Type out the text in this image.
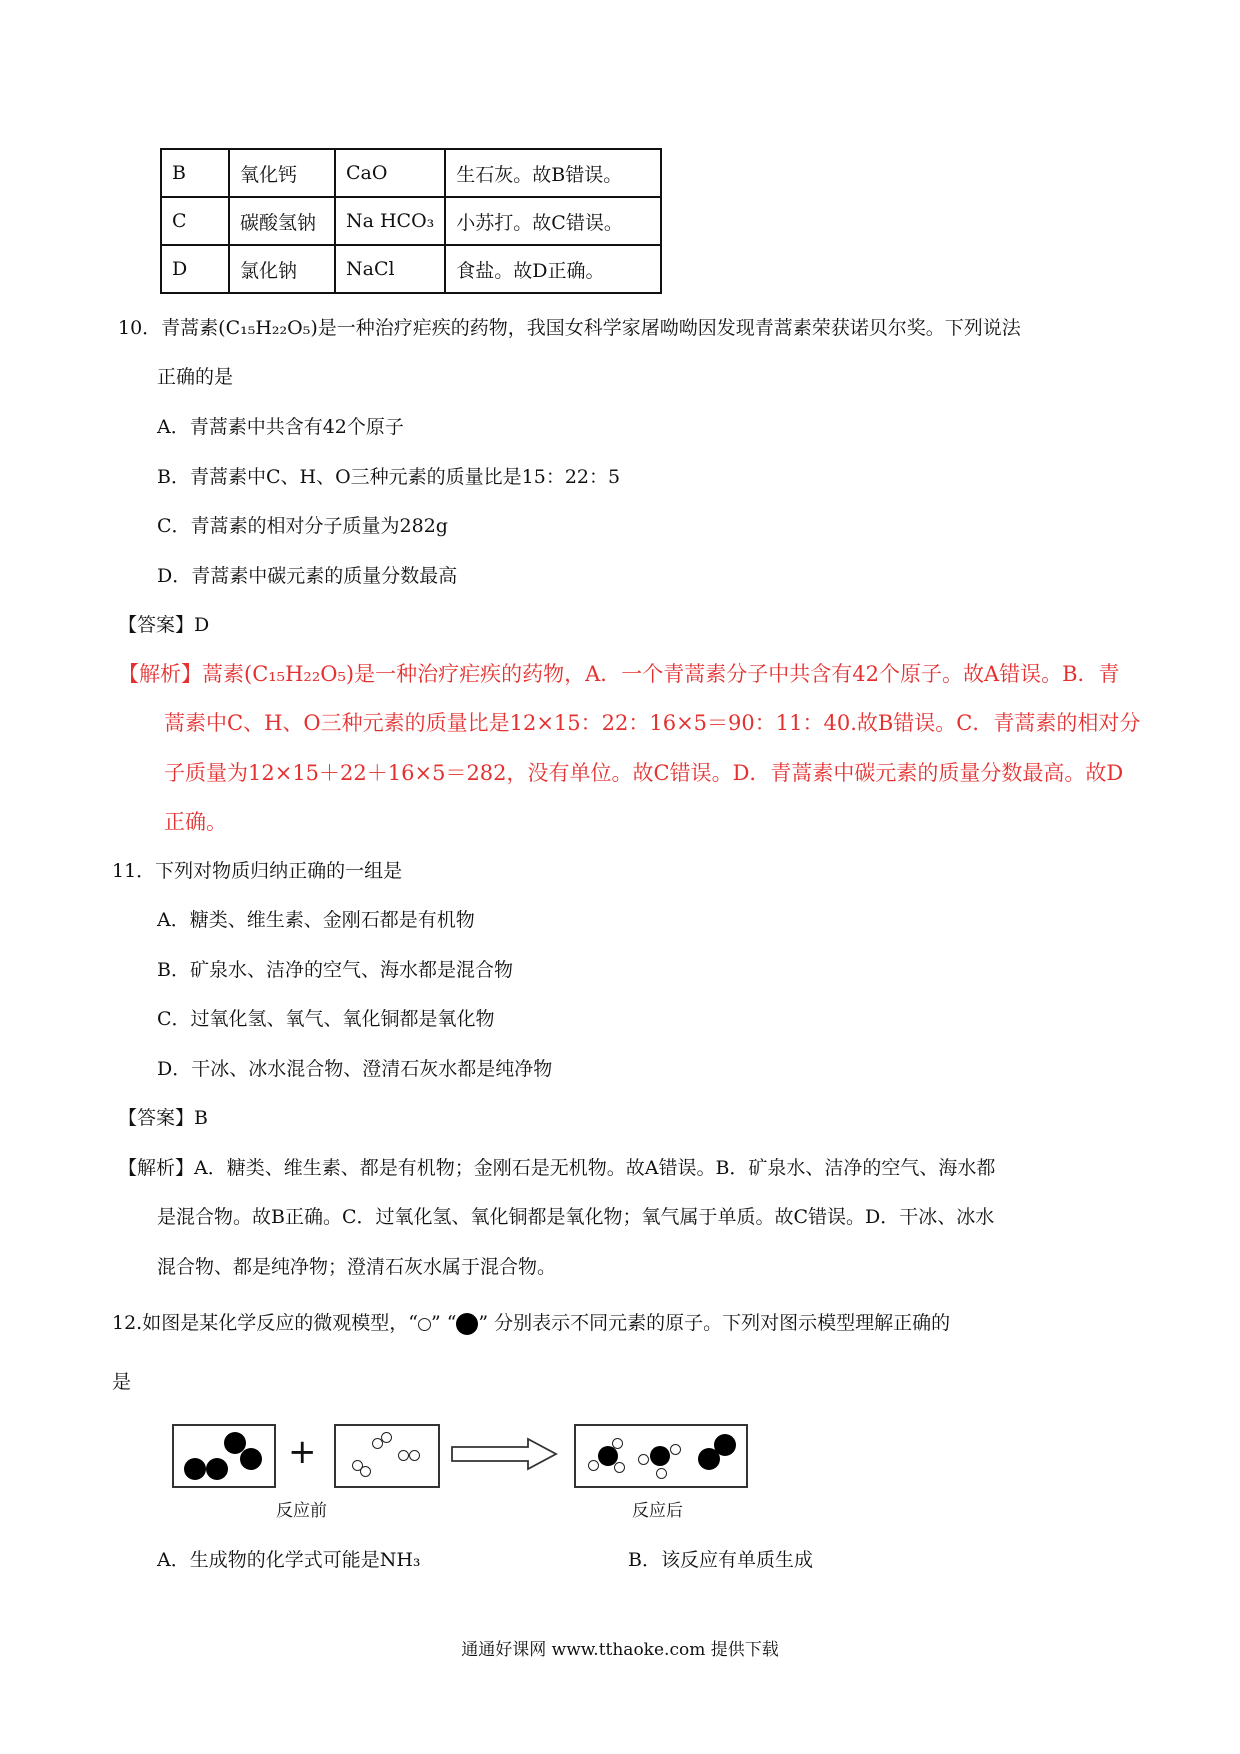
B	氧化钙	CaO	生石灰。故B错误。
C	碳酸氢钠	Na HCO₃	小苏打。故C错误。
D	氯化钠	NaCl	食盐。故D正确。
10．青蒿素(C₁₅H₂₂O₅)是一种治疗疟疾的药物，我国女科学家屠呦呦因发现青蒿素荣获诺贝尔奖。下列说法
正确的是
A．青蒿素中共含有42个原子
B．青蒿素中C、H、O三种元素的质量比是15：22：5
C．青蒿素的相对分子质量为282g
D．青蒿素中碳元素的质量分数最高
【答案】D
【解析】蒿素(C₁₅H₂₂O₅)是一种治疗疟疾的药物，A．一个青蒿素分子中共含有42个原子。故A错误。B．青
蒿素中C、H、O三种元素的质量比是12×15：22：16×5＝90：11：40.故B错误。C．青蒿素的相对分
子质量为12×15＋22＋16×5＝282，没有单位。故C错误。D．青蒿素中碳元素的质量分数最高。故D
正确。
11．下列对物质归纳正确的一组是
A．糖类、维生素、金刚石都是有机物
B．矿泉水、洁净的空气、海水都是混合物
C．过氧化氢、氧气、氧化铜都是氧化物
D．干冰、冰水混合物、澄清石灰水都是纯净物
【答案】B
【解析】A．糖类、维生素、都是有机物；金刚石是无机物。故A错误。B．矿泉水、洁净的空气、海水都
是混合物。故B正确。C．过氧化氢、氧化铜都是氧化物；氧气属于单质。故C错误。D．干冰、冰水
混合物、都是纯净物；澄清石灰水属于混合物。
12.如图是某化学反应的微观模型，“ ” “ ” 分别表示不同元素的原子。下列对图示模型理解正确的
是
+
反应前	反应后
A．生成物的化学式可能是NH₃	B．该反应有单质生成
通通好课网 www.tthaoke.com 提供下载
